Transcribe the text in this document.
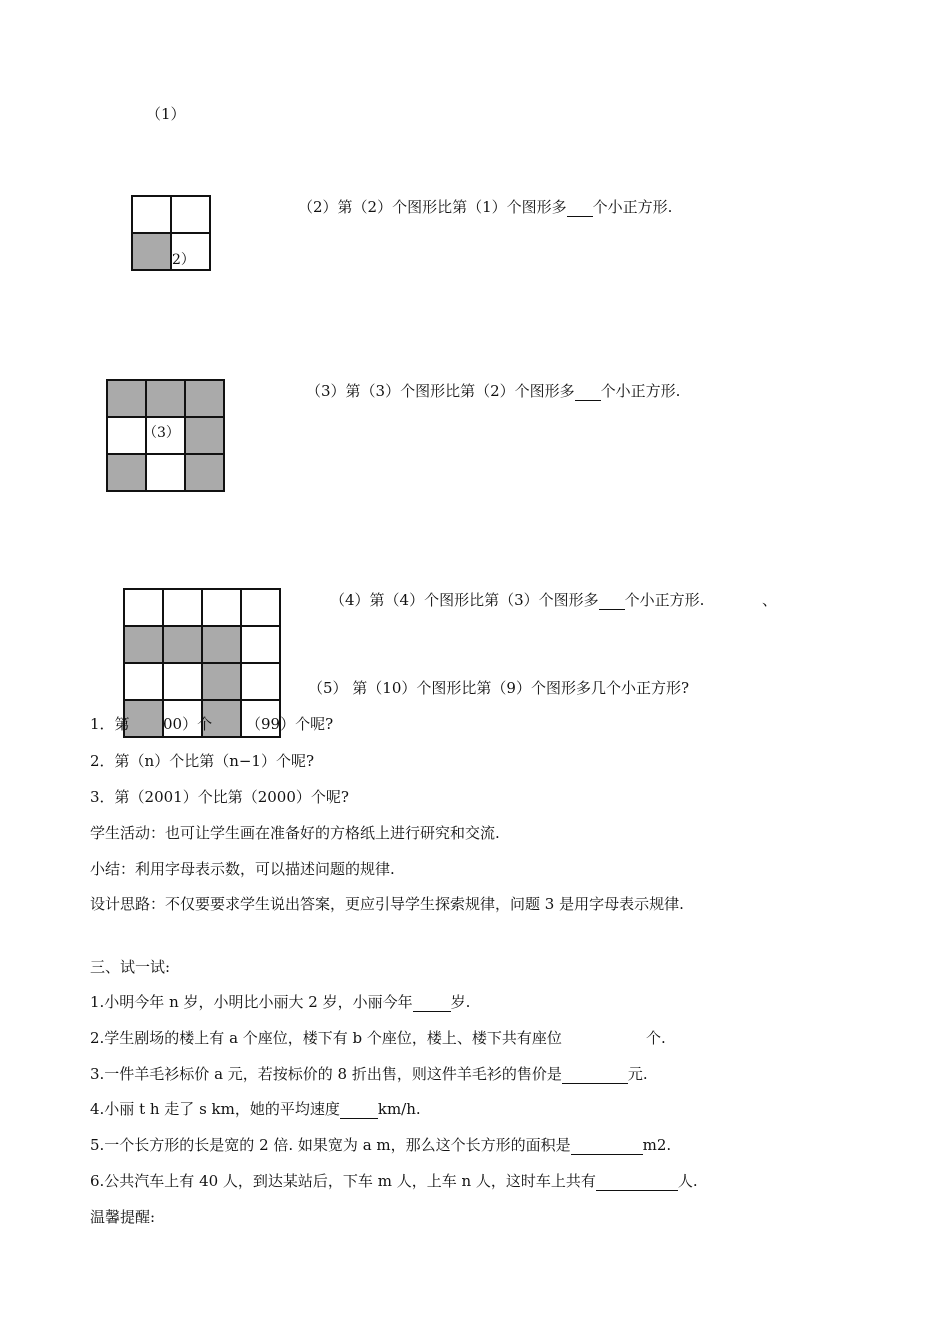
（1）

2）
（2）第（2）个图形比第（1）个图形多 个小正方形.

（3）
（3）第（3）个图形比第（2）个图形多 个小正方形.

（4）第（4）个图形比第（3）个图形多 个小正方形.	、
（5） 第（10）个图形比第（9）个图形多几个小正方形?
1．第 00）个 （99）个呢?
2．第（n）个比第（n−1）个呢?
3．第（2001）个比第（2000）个呢?
学生活动：也可让学生画在准备好的方格纸上进行研究和交流.
小结：利用字母表示数，可以描述问题的规律.
设计思路：不仅要要求学生说出答案，更应引导学生探索规律，问题 3 是用字母表示规律.
三、试一试:
1.小明今年 n 岁，小明比小丽大 2 岁，小丽今年	岁.
2.学生剧场的楼上有 a 个座位，楼下有 b 个座位，楼上、楼下共有座位	个.
3.一件羊毛衫标价 a 元，若按标价的 8 折出售，则这件羊毛衫的售价是	元.
4.小丽 t h 走了 s km，她的平均速度	km/h.
5.一个长方形的长是宽的 2 倍. 如果宽为 a m，那么这个长方形的面积是	m2.
6.公共汽车上有 40 人，到达某站后，下车 m 人，上车 n 人，这时车上共有	人.
温馨提醒:
